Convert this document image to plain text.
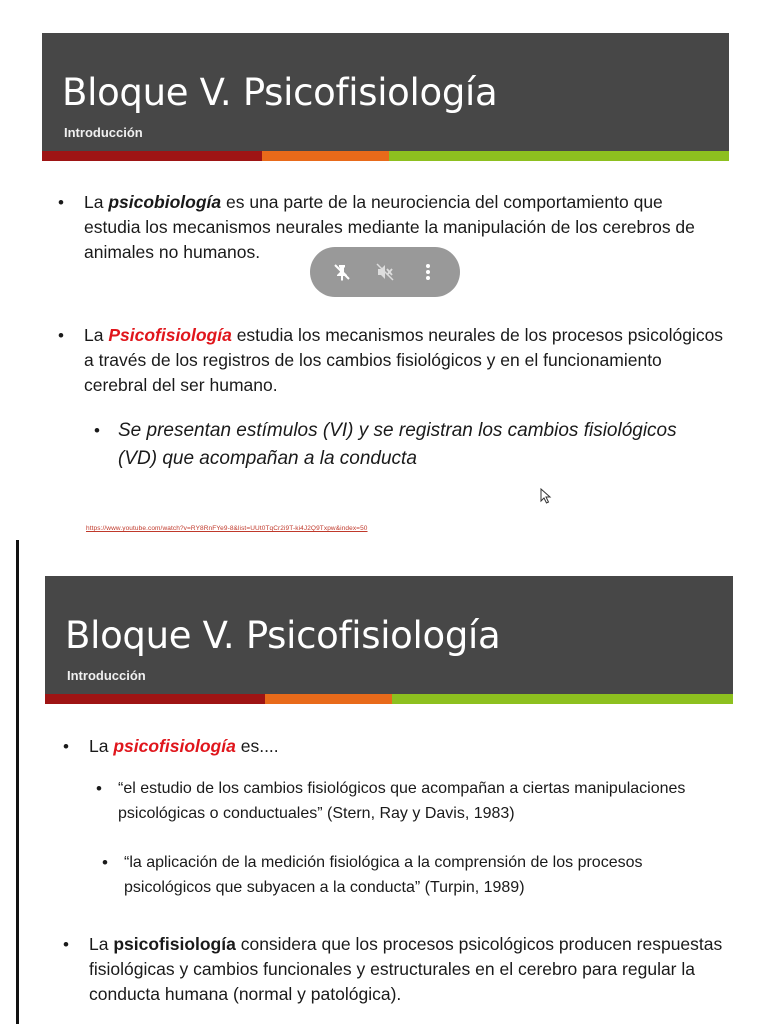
Bloque V. Psicofisiología
Introducción
• La psicobiología es una parte de la neurociencia del comportamiento que estudia los mecanismos neurales mediante la manipulación de los cerebros de animales no humanos.
• La Psicofisiología estudia los mecanismos neurales de los procesos psicológicos a través de los registros de los cambios fisiológicos y en el funcionamiento cerebral del ser humano.
• Se presentan estímulos (VI) y se registran los cambios fisiológicos (VD) que acompañan a la conducta
https://www.youtube.com/watch?v=RY8RnFYe9-8&list=UUt0TqCr2i9T-ki4J2Q9Txpw&index=50
Bloque V. Psicofisiología
Introducción
• La psicofisiología es....
• “el estudio de los cambios fisiológicos que acompañan a ciertas manipulaciones psicológicas o conductuales” (Stern, Ray y Davis, 1983)
• “la aplicación de la medición fisiológica a la comprensión de los procesos psicológicos que subyacen a la conducta” (Turpin, 1989)
• La psicofisiología considera que los procesos psicológicos producen respuestas fisiológicas y cambios funcionales y estructurales en el cerebro para regular la conducta humana (normal y patológica).
